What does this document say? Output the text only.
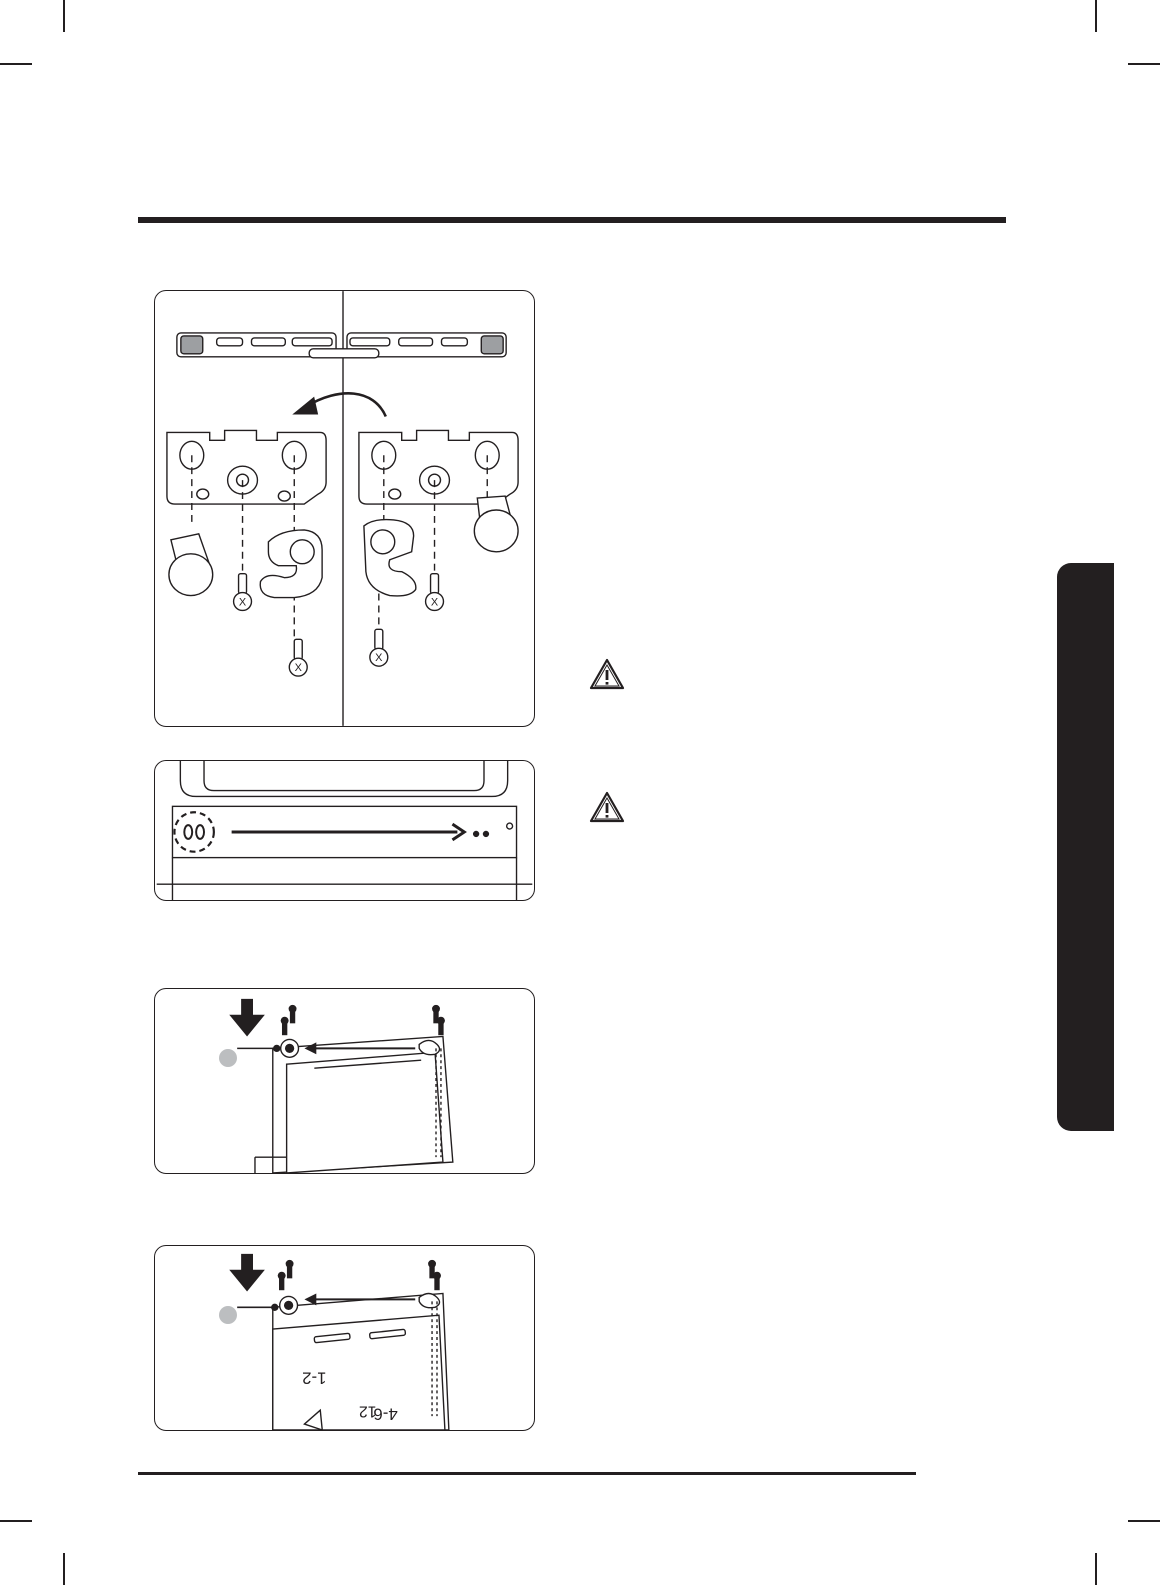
X
X
X
X
1-2
4-6
12
